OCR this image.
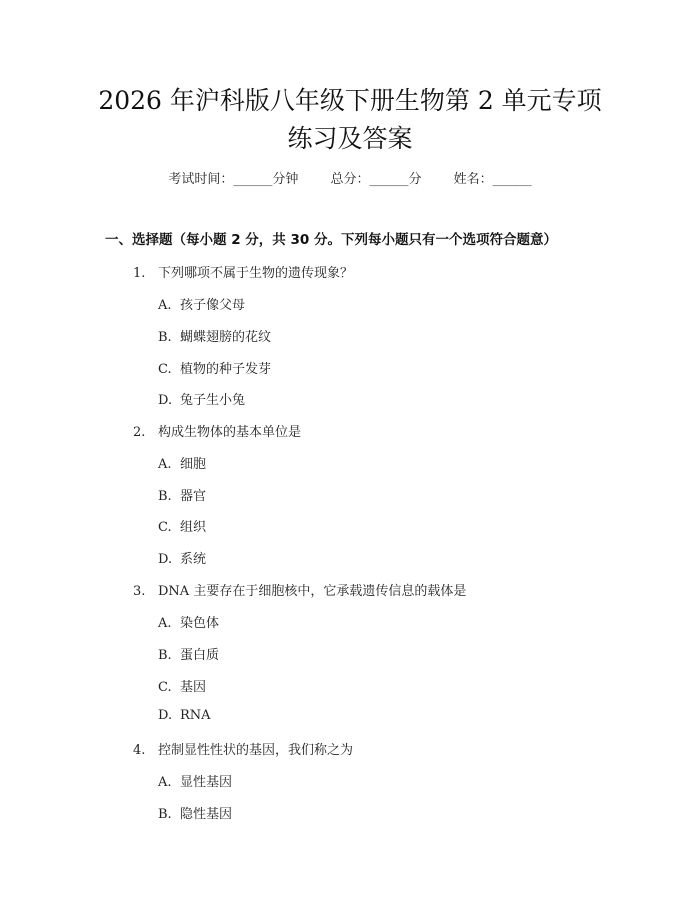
2026 年沪科版八年级下册生物第 2 单元专项
练习及答案
考试时间：______分钟 总分：______分 姓名：______
一、选择题（每小题 2 分，共 30 分。下列每小题只有一个选项符合题意）
1. 下列哪项不属于生物的遗传现象？
A. 孩子像父母
B. 蝴蝶翅膀的花纹
C. 植物的种子发芽
D. 兔子生小兔
2. 构成生物体的基本单位是
A. 细胞
B. 器官
C. 组织
D. 系统
3. DNA 主要存在于细胞核中，它承载遗传信息的载体是
A. 染色体
B. 蛋白质
C. 基因
D. RNA
4. 控制显性性状的基因，我们称之为
A. 显性基因
B. 隐性基因
